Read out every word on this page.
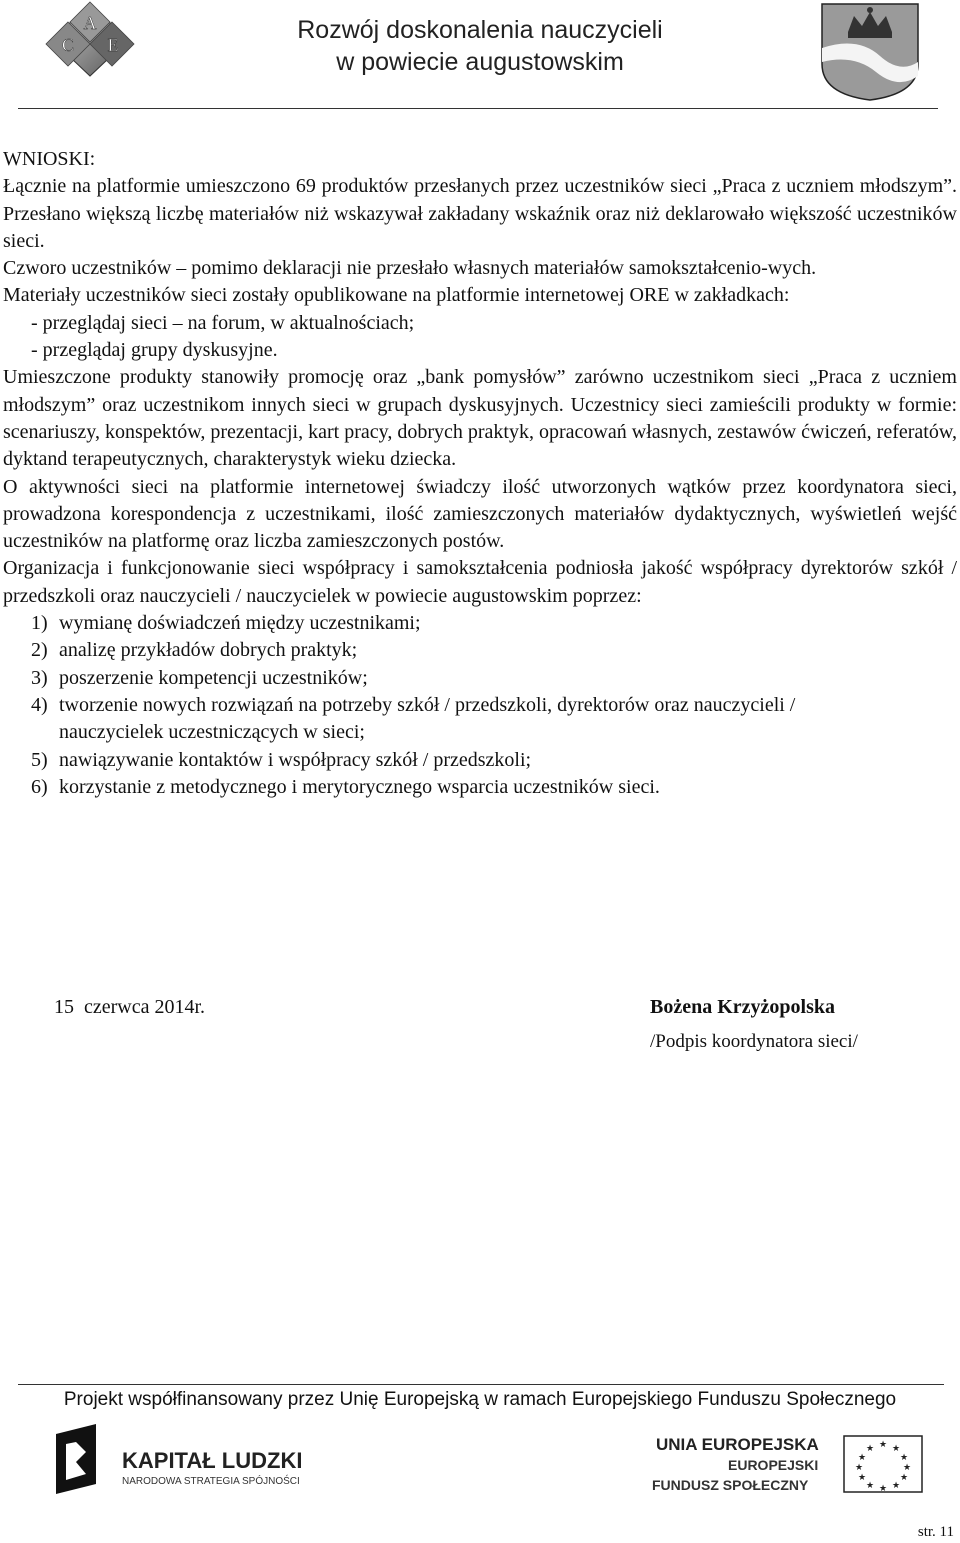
A
C E
Rozwój doskonalenia nauczycieli
w powiecie augustowskim

WNIOSKI:

Łącznie na platformie umieszczono 69 produktów przesłanych przez uczestników sieci „Praca z uczniem młodszym”. Przesłano większą liczbę materiałów niż wskazywał zakładany wskaźnik oraz niż deklarowało większość uczestników sieci.

Czworo uczestników – pomimo deklaracji nie przesłało własnych materiałów samokształcenio-wych.

Materiały uczestników sieci zostały opublikowane na platformie internetowej ORE w zakładkach:

- przeglądaj sieci – na forum, w aktualnościach;

- przeglądaj grupy dyskusyjne.

Umieszczone produkty stanowiły promocję oraz „bank pomysłów” zarówno uczestnikom sieci „Praca z uczniem młodszym” oraz uczestnikom innych sieci w grupach dyskusyjnych. Uczestnicy sieci zamieścili produkty w formie: scenariuszy, konspektów, prezentacji, kart pracy, dobrych praktyk, opracowań własnych, zestawów ćwiczeń, referatów, dyktand terapeutycznych, charakterystyk wieku dziecka.

O aktywności sieci na platformie internetowej świadczy ilość utworzonych wątków przez koordynatora sieci, prowadzona korespondencja z uczestnikami, ilość zamieszczonych materiałów dydaktycznych, wyświetleń wejść uczestników na platformę oraz liczba zamieszczonych postów.

Organizacja i funkcjonowanie sieci współpracy i samokształcenia podniosła jakość współpracy dyrektorów szkół / przedszkoli oraz nauczycieli / nauczycielek w powiecie augustowskim poprzez:

1) wymianę doświadczeń między uczestnikami;
2) analizę przykładów dobrych praktyk;
3) poszerzenie kompetencji uczestników;
4) tworzenie nowych rozwiązań na potrzeby szkół / przedszkoli, dyrektorów oraz nauczycieli / nauczycielek uczestniczących w sieci;
5) nawiązywanie kontaktów i współpracy szkół / przedszkoli;
6) korzystanie z metodycznego i merytorycznego wsparcia uczestników sieci.
15  czerwca 2014r.	Bożena Krzyżopolska
/Podpis koordynatora sieci/
Projekt współfinansowany przez Unię Europejską w ramach Europejskiego Funduszu Społecznego
KAPITAŁ LUDZKI
NARODOWA STRATEGIA SPÓJNOŚCI
UNIA EUROPEJSKA
EUROPEJSKI
FUNDUSZ SPOŁECZNY
★ ★
★
★
★
★
★
★
★
★
★
★
str. 11
